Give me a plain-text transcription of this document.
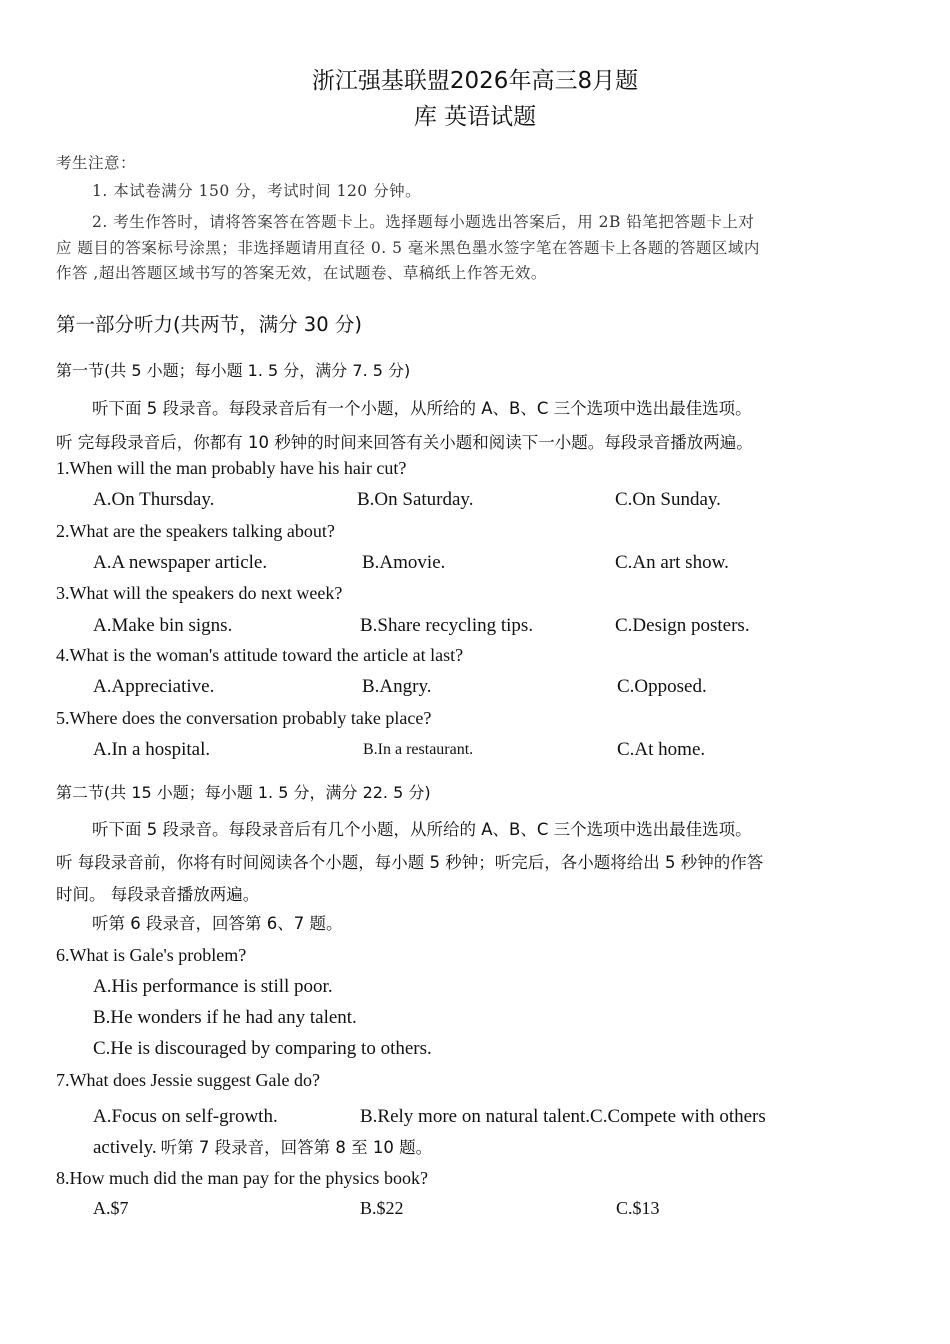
浙江强基联盟2026年高三8月题
库 英语试题
考生注意：
1. 本试卷满分 150 分，考试时间 120 分钟。
2. 考生作答时，请将答案答在答题卡上。选择题每小题选出答案后，用 2B 铅笔把答题卡上对
应 题目的答案标号涂黑；非选择题请用直径 0. 5 毫米黑色墨水签字笔在答题卡上各题的答题区域内
作答 ,超出答题区域书写的答案无效，在试题卷、草稿纸上作答无效。
第一部分听力(共两节，满分 30 分)
第一节(共 5 小题；每小题 1. 5 分，满分 7. 5 分)
听下面 5 段录音。每段录音后有一个小题，从所给的 A、B、C 三个选项中选出最佳选项。
听 完每段录音后，你都有 10 秒钟的时间来回答有关小题和阅读下一小题。每段录音播放两遍。
1.When will the man probably have his hair cut?
A.On Thursday.	B.On Saturday.	C.On Sunday.
2.What are the speakers talking about?
A.A newspaper article.	B.Amovie.	C.An art show.
3.What will the speakers do next week?
A.Make bin signs.	B.Share recycling tips.	C.Design posters.
4.What is the woman's attitude toward the article at last?
A.Appreciative.	B.Angry.	C.Opposed.
5.Where does the conversation probably take place?
A.In a hospital.	B.In a restaurant.	C.At home.
第二节(共 15 小题；每小题 1. 5 分，满分 22. 5 分)
听下面 5 段录音。每段录音后有几个小题，从所给的 A、B、C 三个选项中选出最佳选项。
听 每段录音前，你将有时间阅读各个小题，每小题 5 秒钟；听完后，各小题将给出 5 秒钟的作答
时间。 每段录音播放两遍。
听第 6 段录音，回答第 6、7 题。
6.What is Gale's problem?
A.His performance is still poor.
B.He wonders if he had any talent.
C.He is discouraged by comparing to others.
7.What does Jessie suggest Gale do?
A.Focus on self-growth.	B.Rely more on natural talent.C.Compete with others
actively. 听第 7 段录音，回答第 8 至 10 题。
8.How much did the man pay for the physics book?
A.$7	B.$22	C.$13
